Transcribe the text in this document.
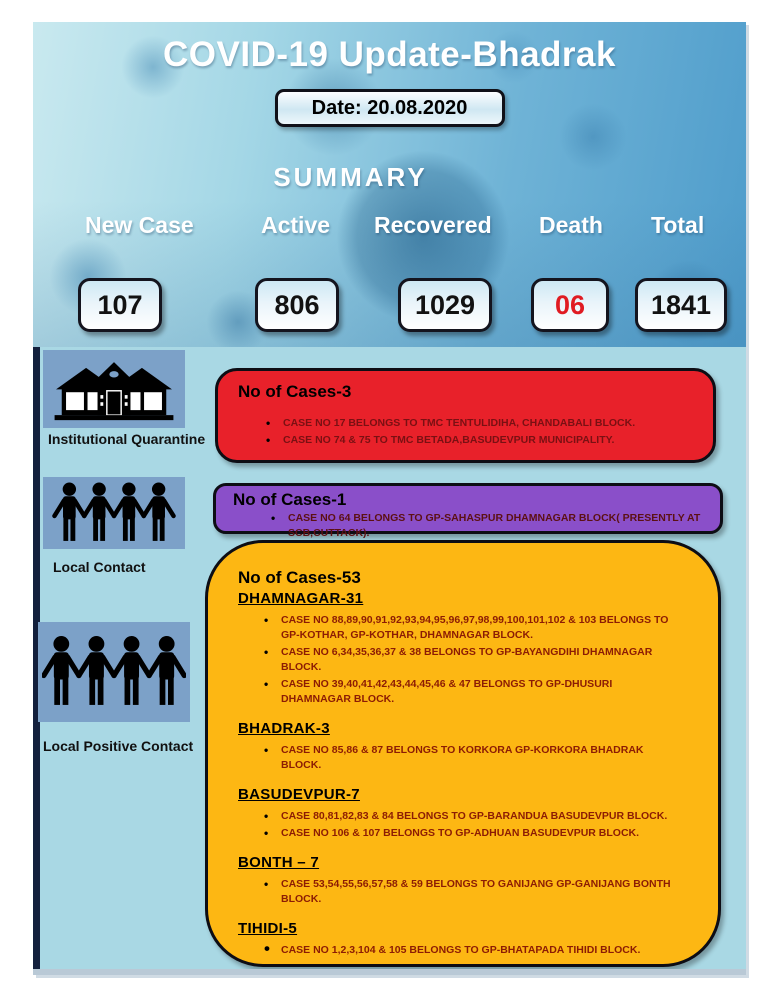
COVID-19 Update-Bhadrak
Date: 20.08.2020
SUMMARY
New Case	Active Recovered Death Total
107	806	1029	06 1841
Institutional Quarantine
Local Contact
Local Positive Contact
No of Cases-3
• CASE NO 17 BELONGS TO TMC TENTULIDIHA, CHANDABALI BLOCK.
• CASE NO 74 & 75 TO TMC BETADA,BASUDEVPUR MUNICIPALITY.
No of Cases-1
• CASE NO 64 BELONGS TO GP-SAHASPUR DHAMNAGAR BLOCK( PRESENTLY AT SCB,CUTTACK).
No of Cases-53
DHAMNAGAR-31
• CASE NO 88,89,90,91,92,93,94,95,96,97,98,99,100,101,102 & 103 BELONGS TO GP-KOTHAR, GP-KOTHAR, DHAMNAGAR BLOCK.
• CASE NO 6,34,35,36,37 & 38 BELONGS TO GP-BAYANGDIHI DHAMNAGAR BLOCK.
• CASE NO 39,40,41,42,43,44,45,46 & 47 BELONGS TO GP-DHUSURI DHAMNAGAR BLOCK.
BHADRAK-3
• CASE NO 85,86 & 87 BELONGS TO KORKORA GP-KORKORA BHADRAK BLOCK.
BASUDEVPUR-7
• CASE 80,81,82,83 & 84 BELONGS TO GP-BARANDUA BASUDEVPUR BLOCK.
• CASE NO 106 & 107 BELONGS TO GP-ADHUAN BASUDEVPUR BLOCK.
BONTH – 7
• CASE 53,54,55,56,57,58 & 59 BELONGS TO GANIJANG GP-GANIJANG BONTH BLOCK.
TIHIDI-5
• CASE NO 1,2,3,104 & 105 BELONGS TO GP-BHATAPADA TIHIDI BLOCK.
